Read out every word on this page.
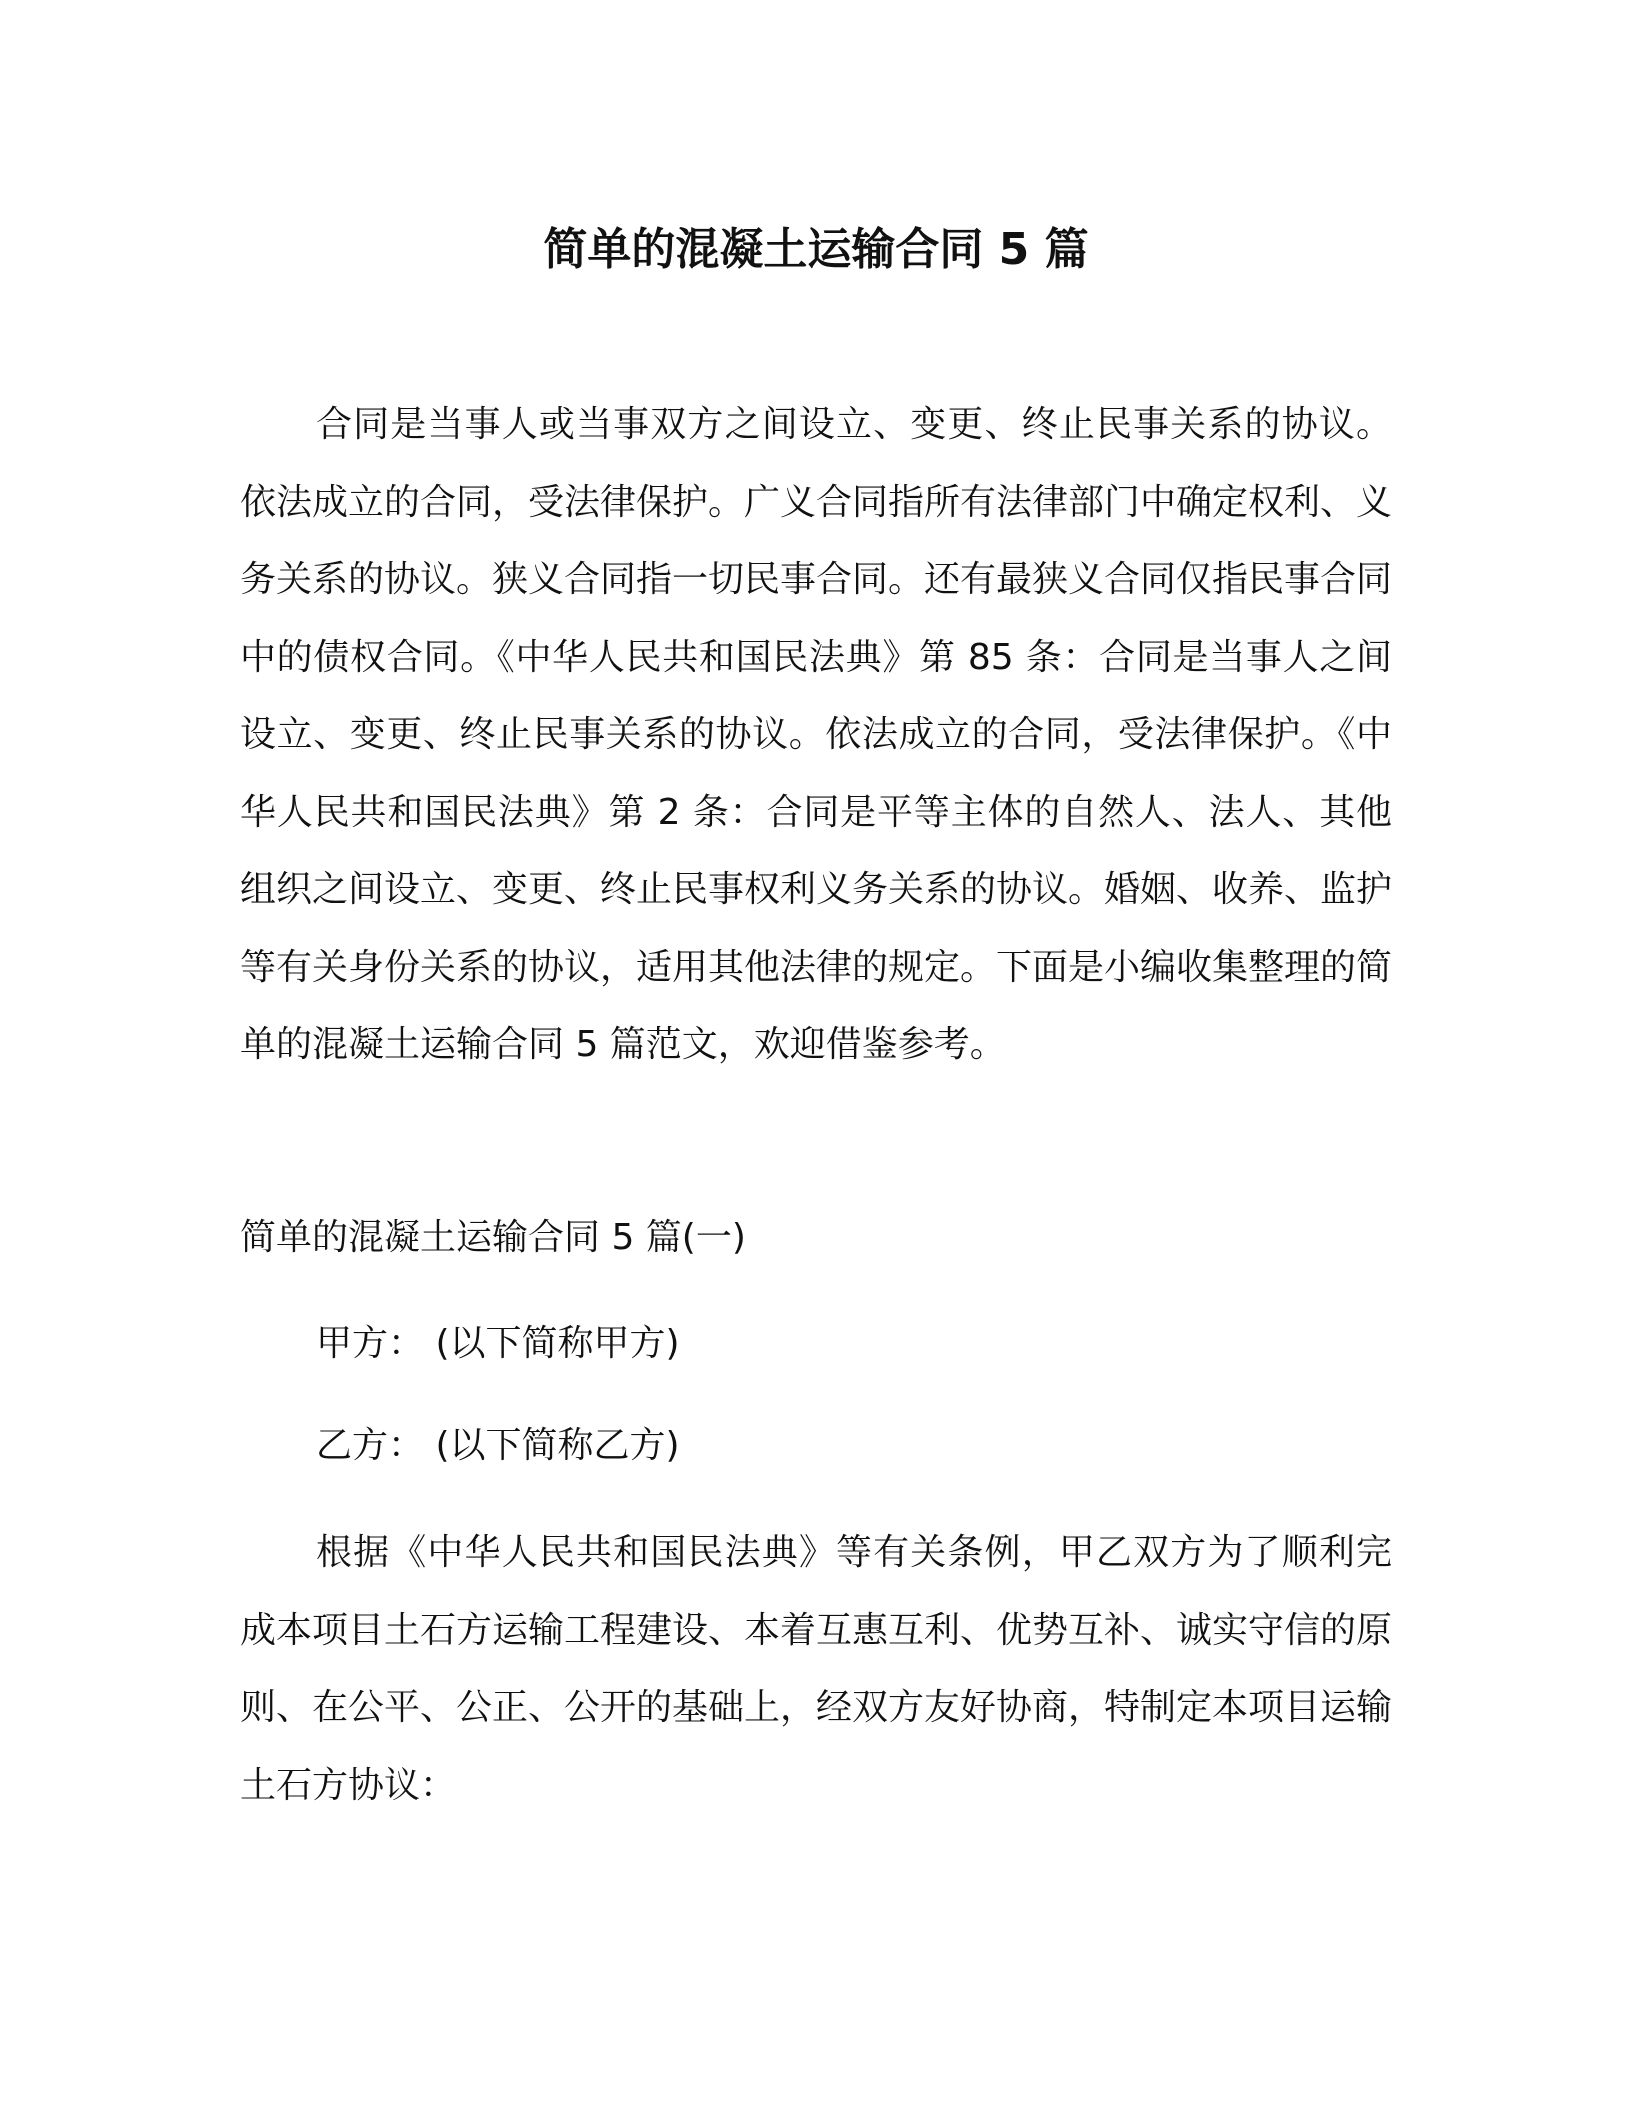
简单的混凝土运输合同 5 篇

合同是当事人或当事双方之间设立、变更、终止民事关系的协议。依法成立的合同，受法律保护。广义合同指所有法律部门中确定权利、义务关系的协议。狭义合同指一切民事合同。还有最狭义合同仅指民事合同中的债权合同。《中华人民共和国民法典》第 85 条：合同是当事人之间设立、变更、终止民事关系的协议。依法成立的合同，受法律保护。《中华人民共和国民法典》第 2 条：合同是平等主体的自然人、法人、其他组织之间设立、变更、终止民事权利义务关系的协议。婚姻、收养、监护等有关身份关系的协议，适用其他法律的规定。下面是小编收集整理的简单的混凝土运输合同 5 篇范文，欢迎借鉴参考。

简单的混凝土运输合同 5 篇(一)

甲方： (以下简称甲方)

乙方： (以下简称乙方)

根据《中华人民共和国民法典》等有关条例，甲乙双方为了顺利完成本项目土石方运输工程建设、本着互惠互利、优势互补、诚实守信的原则、在公平、公正、公开的基础上，经双方友好协商，特制定本项目运输土石方协议：
